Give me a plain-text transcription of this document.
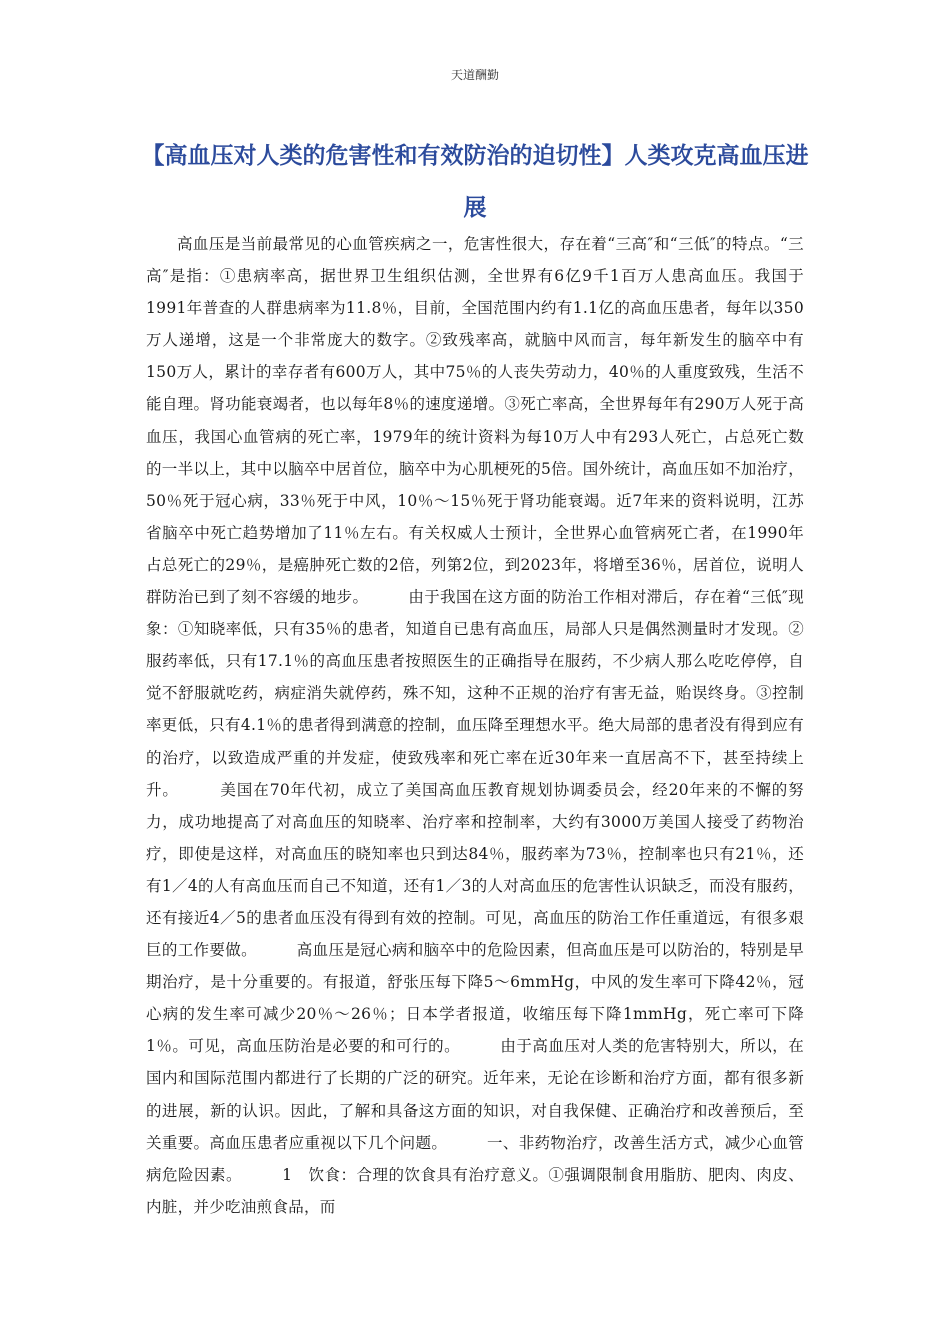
天道酬勤
【高血压对人类的危害性和有效防治的迫切性】人类攻克高血压进展

高血压是当前最常见的心血管疾病之一，危害性很大，存在着“三高″和“三低″的特点。“三高″是指：①患病率高，据世界卫生组织估测，全世界有6亿9千1百万人患高血压。我国于1991年普查的人群患病率为11.8％，目前，全国范围内约有1.1亿的高血压患者，每年以350万人递增，这是一个非常庞大的数字。②致残率高，就脑中风而言，每年新发生的脑卒中有150万人，累计的幸存者有600万人，其中75％的人丧失劳动力，40％的人重度致残，生活不能自理。肾功能衰竭者，也以每年8％的速度递增。③死亡率高，全世界每年有290万人死于高血压，我国心血管病的死亡率，1979年的统计资料为每10万人中有293人死亡，占总死亡数的一半以上，其中以脑卒中居首位，脑卒中为心肌梗死的5倍。国外统计，高血压如不加治疗，50％死于冠心病，33％死于中风，10％～15％死于肾功能衰竭。近7年来的资料说明，江苏省脑卒中死亡趋势增加了11％左右。有关权威人士预计，全世界心血管病死亡者，在1990年占总死亡的29％，是癌肿死亡数的2倍，列第2位，到2023年，将增至36％，居首位，说明人群防治已到了刻不容缓的地步。　　　由于我国在这方面的防治工作相对滞后，存在着“三低″现象：①知晓率低，只有35％的患者，知道自已患有高血压，局部人只是偶然测量时才发现。②服药率低，只有17.1％的高血压患者按照医生的正确指导在服药，不少病人那么吃吃停停，自觉不舒服就吃药，病症消失就停药，殊不知，这种不正规的治疗有害无益，贻误终身。③控制率更低，只有4.1％的患者得到满意的控制，血压降至理想水平。绝大局部的患者没有得到应有的治疗，以致造成严重的并发症，使致残率和死亡率在近30年来一直居高不下，甚至持续上升。　　　美国在70年代初，成立了美国高血压教育规划协调委员会，经20年来的不懈的努力，成功地提高了对高血压的知晓率、治疗率和控制率，大约有3000万美国人接受了药物治疗，即使是这样，对高血压的晓知率也只到达84％，服药率为73％，控制率也只有21％，还有1／4的人有高血压而自己不知道，还有1／3的人对高血压的危害性认识缺乏，而没有服药，还有接近4／5的患者血压没有得到有效的控制。可见，高血压的防治工作任重道远，有很多艰巨的工作要做。　　　高血压是冠心病和脑卒中的危险因素，但高血压是可以防治的，特别是早期治疗，是十分重要的。有报道，舒张压每下降5～6mmHg，中风的发生率可下降42％，冠心病的发生率可减少20％～26％；日本学者报道，收缩压每下降1mmHg，死亡率可下降1％。可见，高血压防治是必要的和可行的。　　　由于高血压对人类的危害特别大，所以，在国内和国际范围内都进行了长期的广泛的研究。近年来，无论在诊断和治疗方面，都有很多新的进展，新的认识。因此，了解和具备这方面的知识，对自我保健、正确治疗和改善预后，至关重要。高血压患者应重视以下几个问题。　　　一、非药物治疗，改善生活方式，减少心血管病危险因素。　　　1　饮食：合理的饮食具有治疗意义。①强调限制食用脂肪、肥肉、肉皮、内脏，并少吃油煎食品，而
